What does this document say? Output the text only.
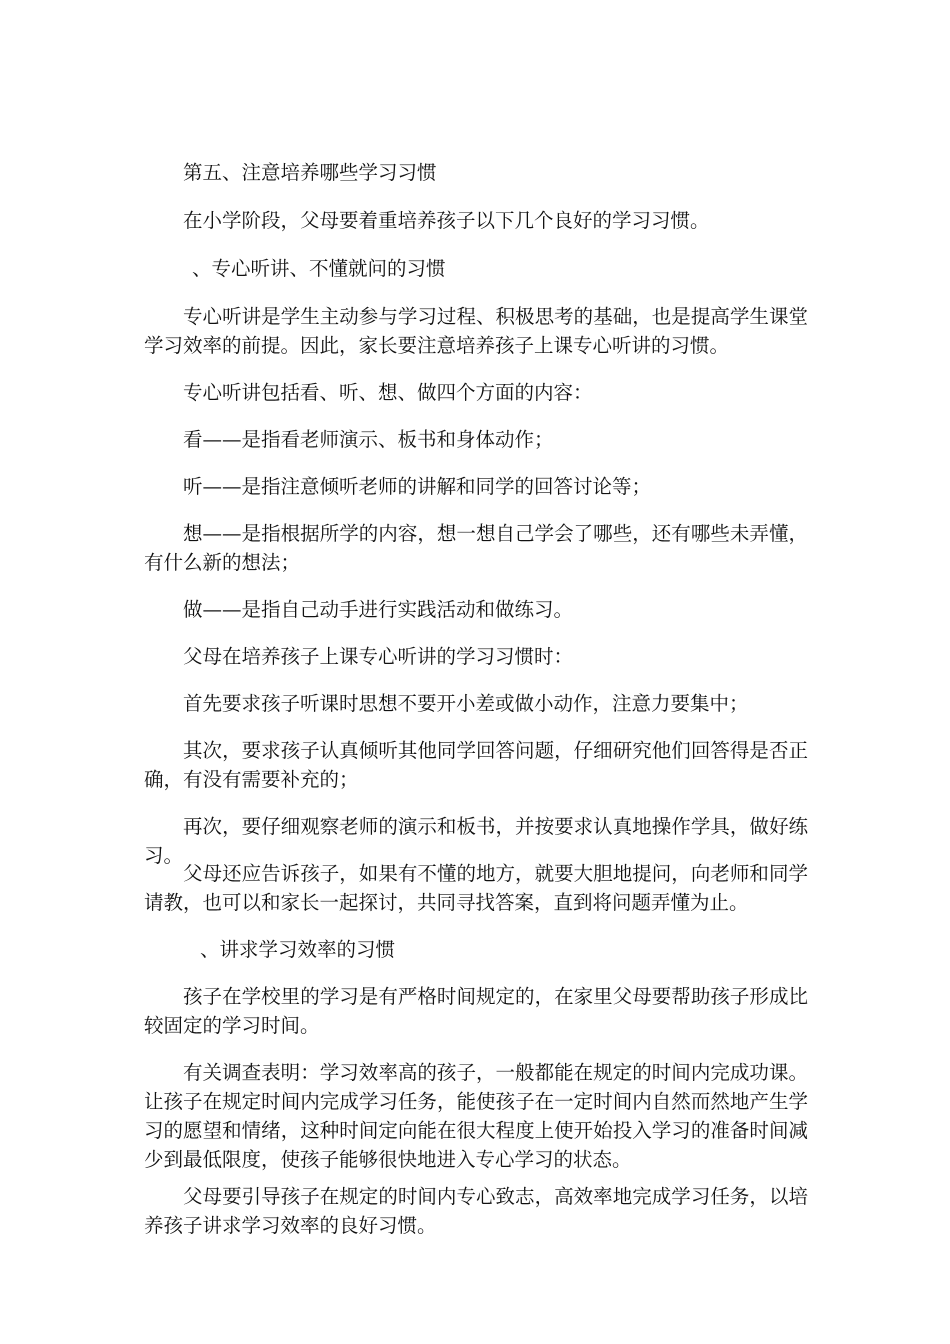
第五、注意培养哪些学习习惯

在小学阶段，父母要着重培养孩子以下几个良好的学习习惯。

、专心听讲、不懂就问的习惯

专心听讲是学生主动参与学习过程、积极思考的基础，也是提高学生课堂学习效率的前提。因此，家长要注意培养孩子上课专心听讲的习惯。

专心听讲包括看、听、想、做四个方面的内容：

看——是指看老师演示、板书和身体动作；

听——是指注意倾听老师的讲解和同学的回答讨论等；

想——是指根据所学的内容，想一想自己学会了哪些，还有哪些未弄懂，有什么新的想法；

做——是指自己动手进行实践活动和做练习。

父母在培养孩子上课专心听讲的学习习惯时：

首先要求孩子听课时思想不要开小差或做小动作，注意力要集中；

其次，要求孩子认真倾听其他同学回答问题，仔细研究他们回答得是否正确，有没有需要补充的；

再次，要仔细观察老师的演示和板书，并按要求认真地操作学具，做好练习。

父母还应告诉孩子，如果有不懂的地方，就要大胆地提问，向老师和同学请教，也可以和家长一起探讨，共同寻找答案，直到将问题弄懂为止。

、讲求学习效率的习惯

孩子在学校里的学习是有严格时间规定的，在家里父母要帮助孩子形成比较固定的学习时间。

有关调查表明：学习效率高的孩子，一般都能在规定的时间内完成功课。让孩子在规定时间内完成学习任务，能使孩子在一定时间内自然而然地产生学习的愿望和情绪，这种时间定向能在很大程度上使开始投入学习的准备时间减少到最低限度，使孩子能够很快地进入专心学习的状态。

父母要引导孩子在规定的时间内专心致志，高效率地完成学习任务，以培养孩子讲求学习效率的良好习惯。
